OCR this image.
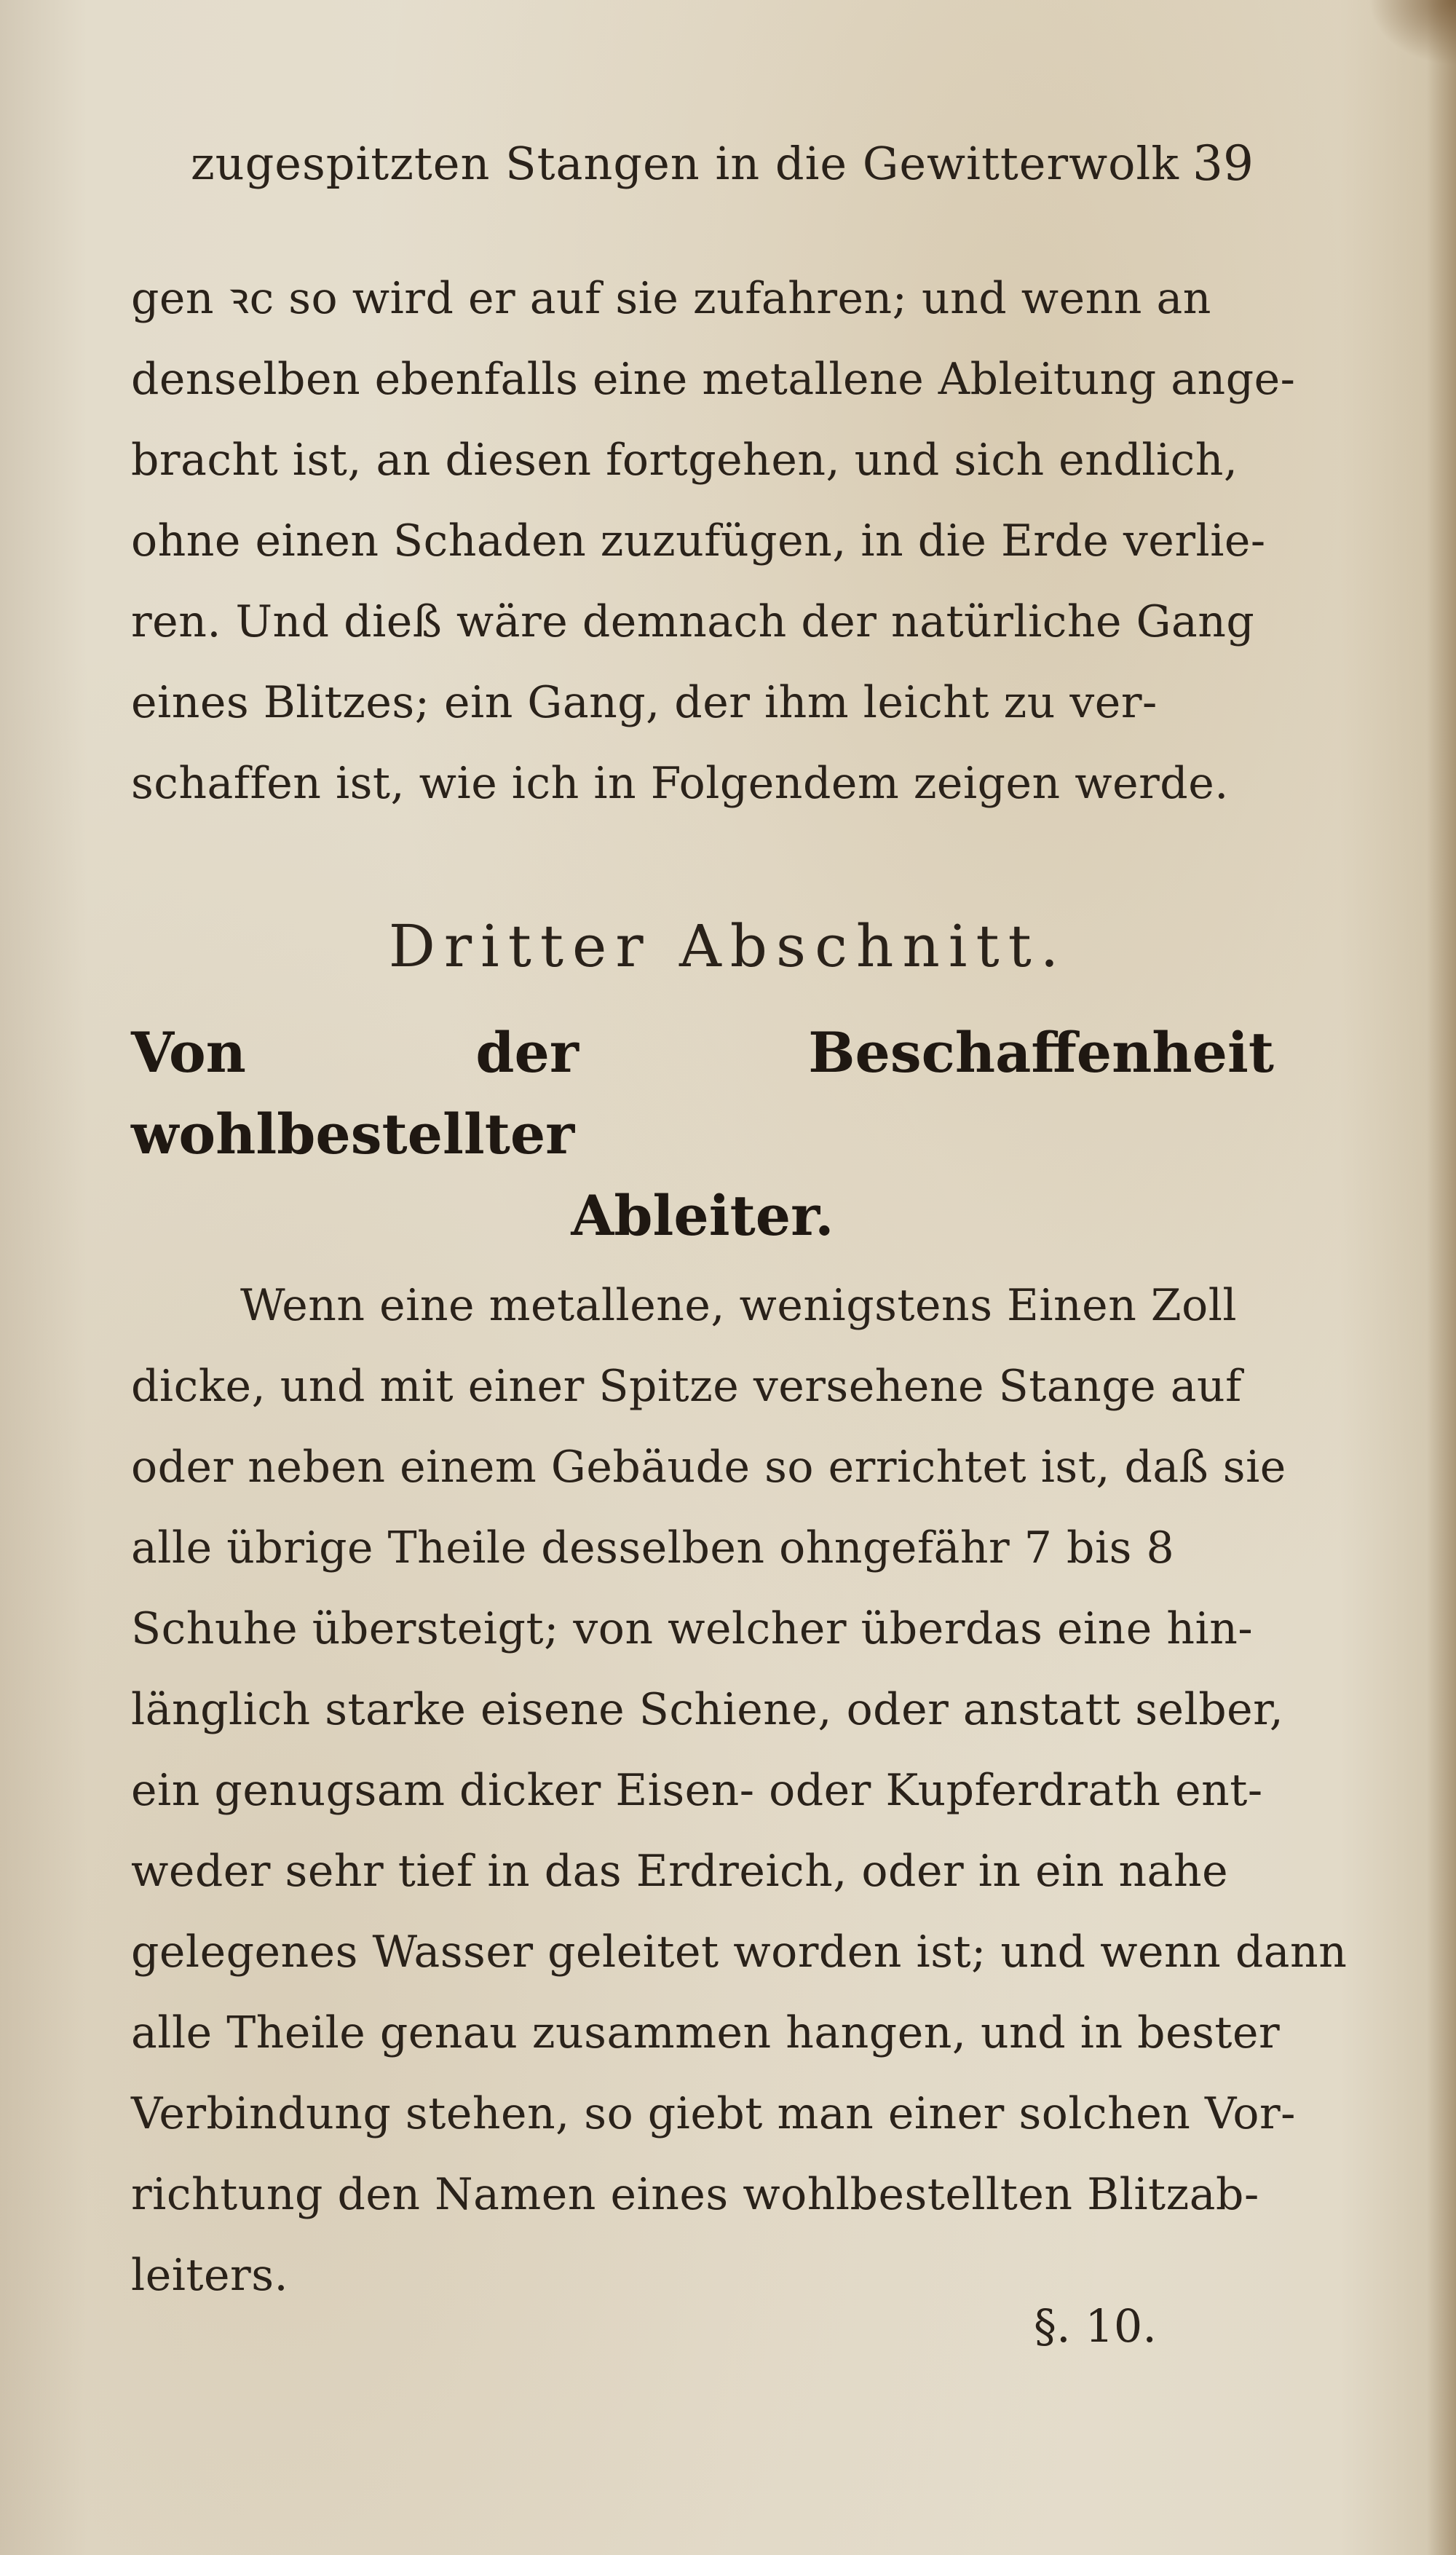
zugespitzten Stangen in die Gewitterwolk 39
gen ꝛc so wird er auf sie zufahren; und wenn an
denselben ebenfalls eine metallene Ableitung ange-
bracht ist, an diesen fortgehen, und sich endlich,
ohne einen Schaden zuzufügen, in die Erde verlie-
ren. Und dieß wäre demnach der natürliche Gang
eines Blitzes; ein Gang, der ihm leicht zu ver-
schaffen ist, wie ich in Folgendem zeigen werde.
Dritter Abschnitt.
Von der Beschaffenheit wohlbestellter
Ableiter.
Wenn eine metallene, wenigstens Einen Zoll
dicke, und mit einer Spitze versehene Stange auf
oder neben einem Gebäude so errichtet ist, daß sie
alle übrige Theile desselben ohngefähr 7 bis 8
Schuhe übersteigt; von welcher überdas eine hin-
länglich starke eisene Schiene, oder anstatt selber,
ein genugsam dicker Eisen- oder Kupferdrath ent-
weder sehr tief in das Erdreich, oder in ein nahe
gelegenes Wasser geleitet worden ist; und wenn dann
alle Theile genau zusammen hangen, und in bester
Verbindung stehen, so giebt man einer solchen Vor-
richtung den Namen eines wohlbestellten Blitzab-
leiters.
§. 10.
